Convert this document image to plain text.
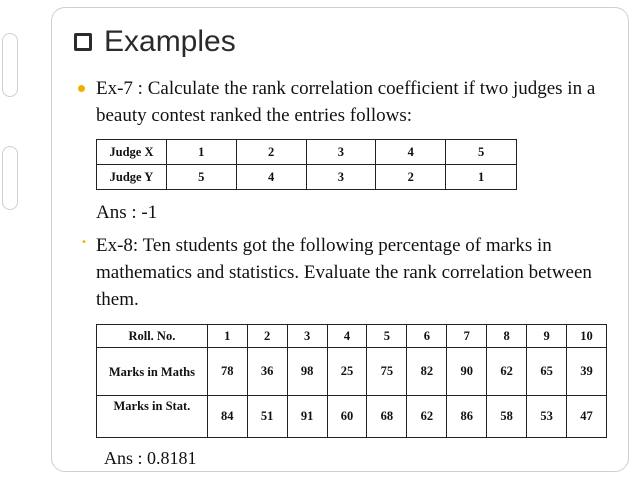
Examples
Ex-7 : Calculate the rank correlation coefficient if two judges in a beauty contest ranked the entries follows:
Judge X	1	2	3	4	5
Judge Y	5	4	3	2	1
Ans : -1
• Ex-8: Ten students got the following percentage of marks in mathematics and statistics. Evaluate the rank correlation between them.
Roll. No.	1	2	3	4	5	6	7	8	9	10
Marks in Maths	78	36	98	25	75	82	90	62	65	39
Marks in Stat.	84	51	91	60	68	62	86	58	53	47
Ans : 0.8181
